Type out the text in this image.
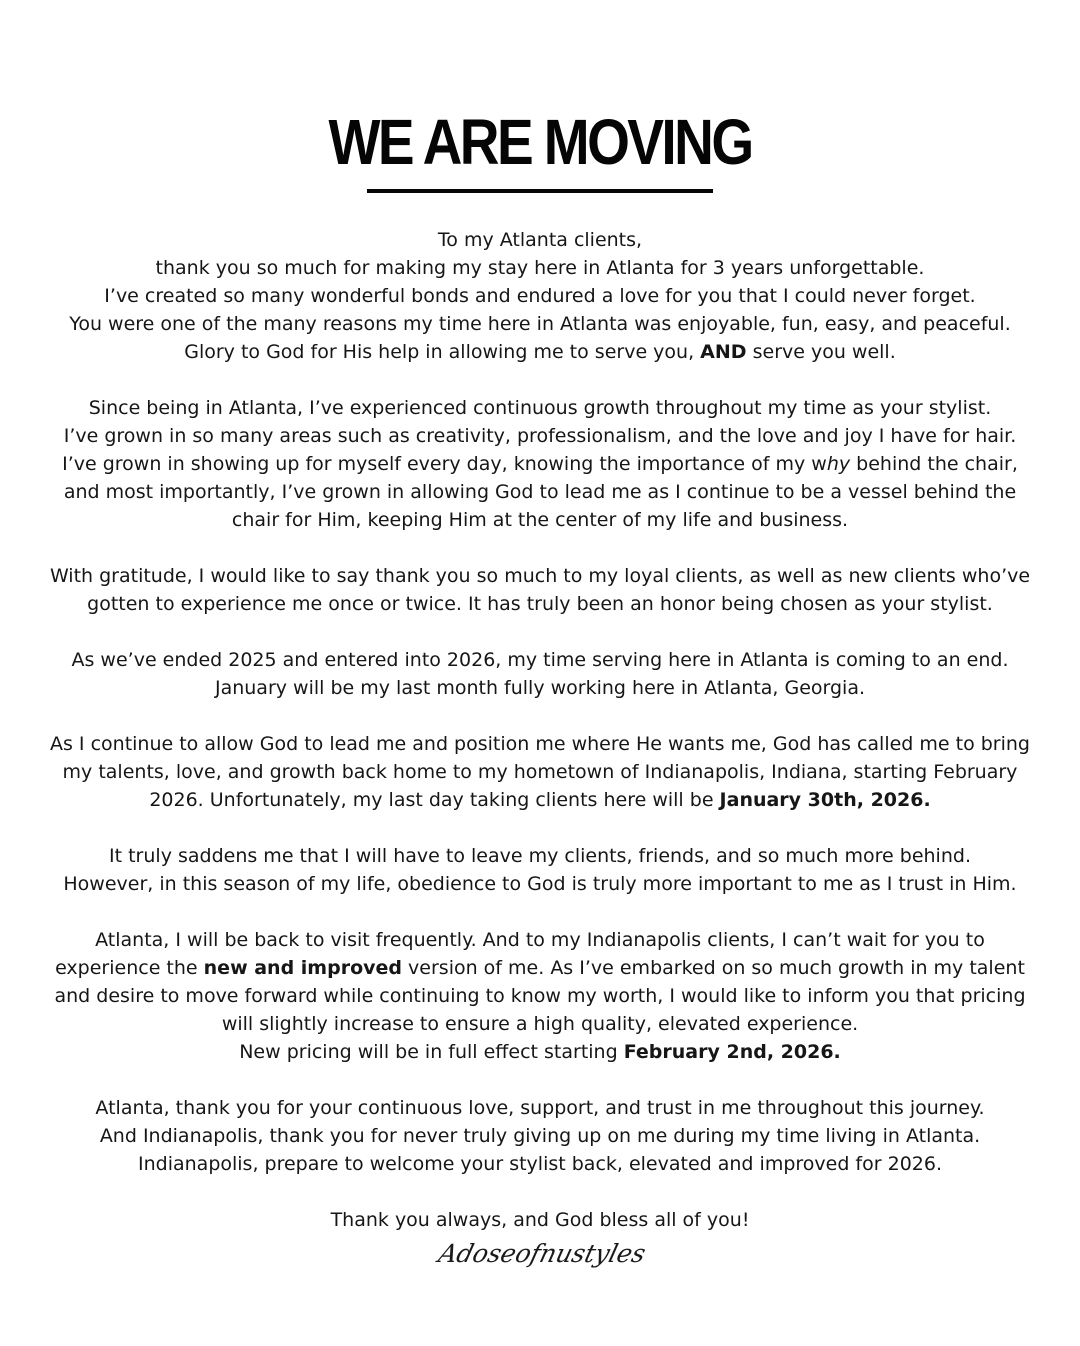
WE ARE MOVING

To my Atlanta clients,
thank you so much for making my stay here in Atlanta for 3 years unforgettable.
I’ve created so many wonderful bonds and endured a love for you that I could never forget.
You were one of the many reasons my time here in Atlanta was enjoyable, fun, easy, and peaceful.
Glory to God for His help in allowing me to serve you, AND serve you well.

Since being in Atlanta, I’ve experienced continuous growth throughout my time as your stylist.
I’ve grown in so many areas such as creativity, professionalism, and the love and joy I have for hair.
I’ve grown in showing up for myself every day, knowing the importance of my why behind the chair,
and most importantly, I’ve grown in allowing God to lead me as I continue to be a vessel behind the
chair for Him, keeping Him at the center of my life and business.

With gratitude, I would like to say thank you so much to my loyal clients, as well as new clients who’ve
gotten to experience me once or twice. It has truly been an honor being chosen as your stylist.

As we’ve ended 2025 and entered into 2026, my time serving here in Atlanta is coming to an end.
January will be my last month fully working here in Atlanta, Georgia.

As I continue to allow God to lead me and position me where He wants me, God has called me to bring
my talents, love, and growth back home to my hometown of Indianapolis, Indiana, starting February
2026. Unfortunately, my last day taking clients here will be January 30th, 2026.

It truly saddens me that I will have to leave my clients, friends, and so much more behind.
However, in this season of my life, obedience to God is truly more important to me as I trust in Him.

Atlanta, I will be back to visit frequently. And to my Indianapolis clients, I can’t wait for you to
experience the new and improved version of me. As I’ve embarked on so much growth in my talent
and desire to move forward while continuing to know my worth, I would like to inform you that pricing
will slightly increase to ensure a high quality, elevated experience.
New pricing will be in full effect starting February 2nd, 2026.

Atlanta, thank you for your continuous love, support, and trust in me throughout this journey.
And Indianapolis, thank you for never truly giving up on me during my time living in Atlanta.
Indianapolis, prepare to welcome your stylist back, elevated and improved for 2026.

Thank you always, and God bless all of you!

Adoseofnustyles
